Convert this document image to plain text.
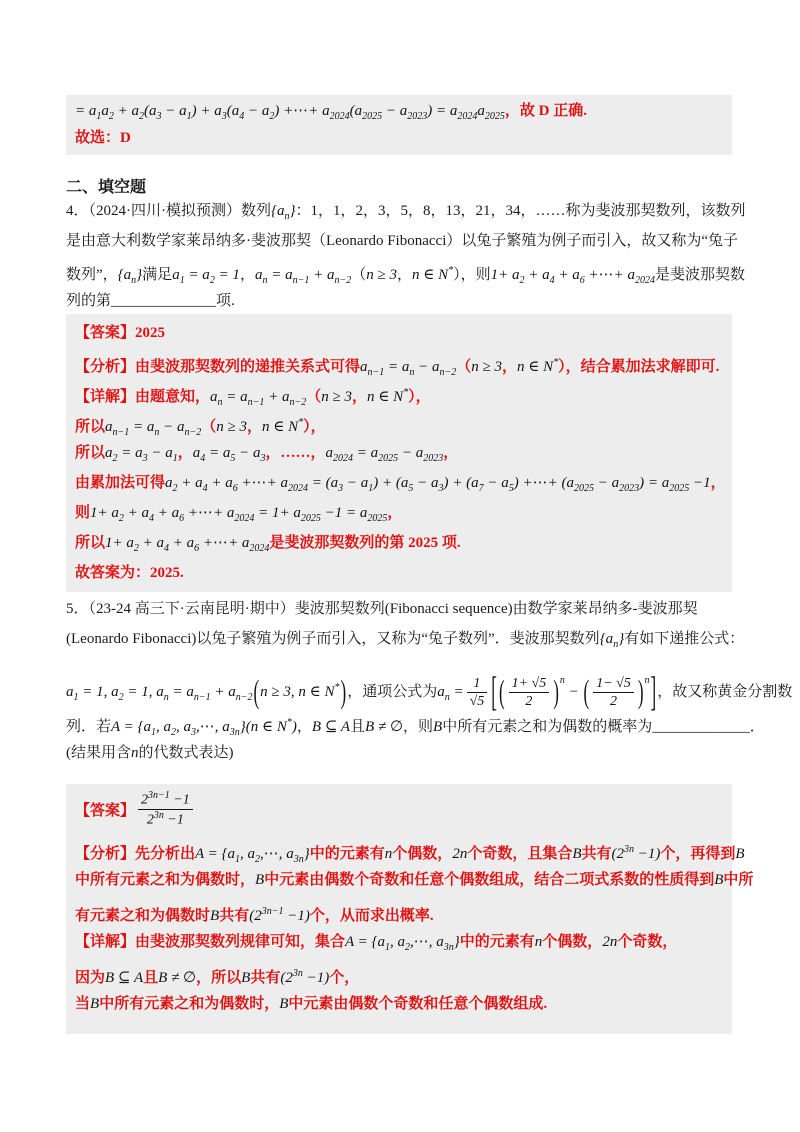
= $a_1a_2 + a_2(a_3 - a_1) + a_3(a_4 - a_2)$ +⋯+ $a_{2024}(a_{2025} - a_{2023}) = a_{2024}a_{2025}$，故 D 正确.
故选：D
二、填空题
4．（2024·四川·模拟预测）数列$\{a_n\}$：1，1，2，3，5，8，13，21，34，……称为斐波那契数列，该数列
是由意大利数学家莱昂纳多·斐波那契（Leonardo Fibonacci）以兔子繁殖为例子而引入，故又称为“兔子
数列”，$\{a_n\}$满足$a_1 = a_2 = 1$，$a_n = a_{n-1} + a_{n-2}(n \ge 3$，n ∈ N*），则$1+ a_2 + a_4 + a_6$ +⋯+ $a_{2024}$是斐波那契数
列的第______________项.
【答案】2025
【分析】由斐波那契数列的递推关系式可得$a_{n-1} = a_n - a_{n-2}(n \ge 3$，n ∈ N*），结合累加法求解即可.
【详解】由题意知，$a_n = a_{n-1} + a_{n-2}(n \ge 3$，n ∈ N*），
所以$a_{n-1} = a_n - a_{n-2}(n \ge 3$，n ∈ N*），
所以$a_2 = a_3 - a_1$，$a_4 = a_5 - a_3$，……，$a_{2024} = a_{2025} - a_{2023}$，
由累加法可得$a_2 + a_4 + a_6$ +⋯+ $a_{2024} = (a_3 - a_1) + (a_5 - a_3) + (a_7 - a_5)$ +⋯+ $(a_{2025} - a_{2023}) = a_{2025} -1$，
则$1+ a_2 + a_4 + a_6$ +⋯+ $a_{2024} = 1+ a_{2025} -1 = a_{2025}$，
所以$1+ a_2 + a_4 + a_6$ +⋯+ $a_{2024}$是斐波那契数列的第 2025 项.
故答案为：2025.
5．（23-24 高三下·云南昆明·期中）斐波那契数列(Fibonacci sequence)由数学家莱昂纳多-斐波那契
(Leonardo Fibonacci)以兔子繁殖为例子而引入，又称为“兔子数列”．斐波那契数列$\{a_n\}$有如下递推公式：
$a_1 = 1$, $a_2 = 1$, $a_n = a_{n-1} + a_{n-2}(n \ge 3$, n ∈ N*)，通项公式为$a_n = \frac{1}{√5}$ [ ( $\frac{1+ √5}{2} )^n$ − ( $\frac{1- √5}{2} )^n$]，故又称黄金分割数
列．若$A = \{a_1$, $a_2$, $a_3,\cdots$, $a_{3n}\}(n$ ∈ N*)，B ⊆ A且B ≠ ∅，则B中所有元素之和为偶数的概率为_____________．
(结果用含n的代数式表达)
【答案】 $\frac{2^{3n-1} -1}{2^{3n} -1}$
【分析】先分析出$A = \{a_1$, $a_2,\cdots$, $a_{3n}$}中的元素有n个偶数，2n个奇数，且集合B共有$(2^{3n} -1)$个，再得到B
中所有元素之和为偶数时，B中元素由偶数个奇数和任意个偶数组成，结合二项式系数的性质得到B中所
有元素之和为偶数时B共有$(2^{3n-1} -1)$个，从而求出概率.
【详解】由斐波那契数列规律可知，集合$A = \{a_1$, $a_2,\cdots$, $a_{3n}$}中的元素有n个偶数，2n个奇数，
因为B ⊆ A且B ≠ ∅，所以B共有$(2^{3n} -1)$个，
当B中所有元素之和为偶数时，B中元素由偶数个奇数和任意个偶数组成.
